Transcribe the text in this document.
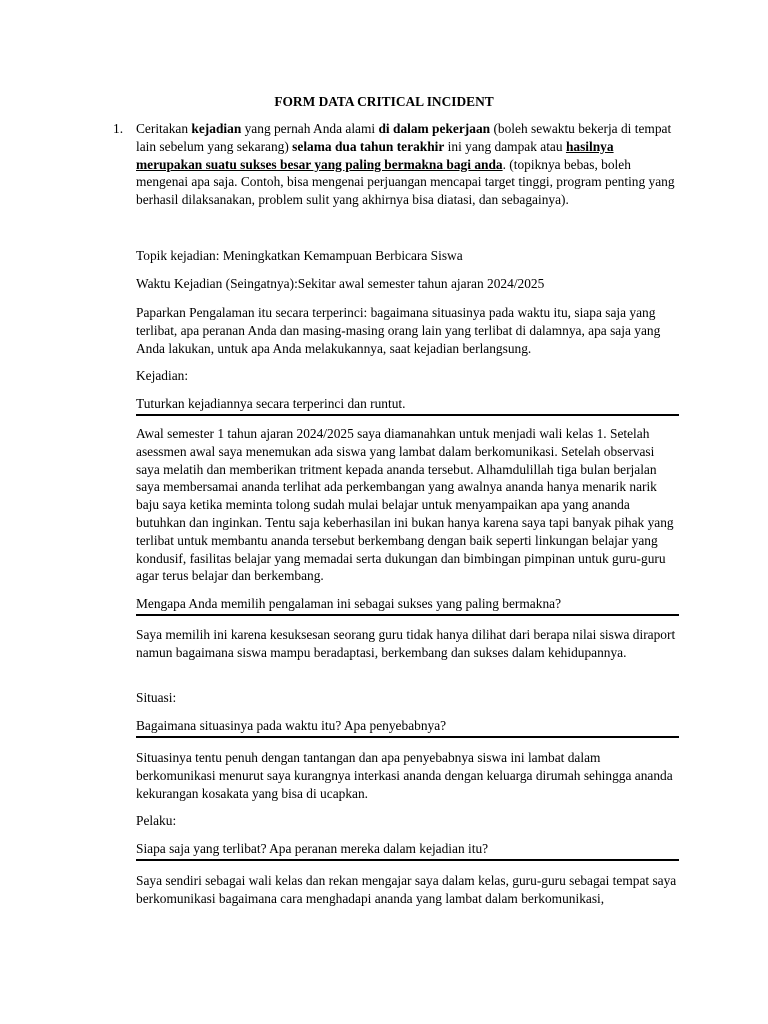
FORM DATA CRITICAL INCIDENT
1. Ceritakan kejadian yang pernah Anda alami di dalam pekerjaan (boleh sewaktu bekerja di tempat lain sebelum yang sekarang) selama dua tahun terakhir ini yang dampak atau hasilnya merupakan suatu sukses besar yang paling bermakna bagi anda. (topiknya bebas, boleh mengenai apa saja. Contoh, bisa mengenai perjuangan mencapai target tinggi, program penting yang berhasil dilaksanakan, problem sulit yang akhirnya bisa diatasi, dan sebagainya).
Topik kejadian: Meningkatkan Kemampuan Berbicara Siswa
Waktu Kejadian (Seingatnya):Sekitar awal semester tahun ajaran 2024/2025
Paparkan Pengalaman itu secara terperinci: bagaimana situasinya pada waktu itu, siapa saja yang terlibat, apa peranan Anda dan masing-masing orang lain yang terlibat di dalamnya, apa saja yang Anda lakukan, untuk apa Anda melakukannya, saat kejadian berlangsung.
Kejadian:
Tuturkan kejadiannya secara terperinci dan runtut.
Awal semester 1 tahun ajaran 2024/2025 saya diamanahkan untuk menjadi wali kelas 1. Setelah asessmen awal saya menemukan ada siswa yang lambat dalam berkomunikasi. Setelah observasi saya melatih dan memberikan tritment kepada ananda tersebut. Alhamdulillah tiga bulan berjalan saya membersamai ananda terlihat ada perkembangan yang awalnya ananda hanya menarik narik baju saya ketika meminta tolong sudah mulai belajar untuk menyampaikan apa yang ananda butuhkan dan inginkan. Tentu saja keberhasilan ini bukan hanya karena saya tapi banyak pihak yang terlibat untuk membantu ananda tersebut berkembang dengan baik seperti linkungan belajar yang kondusif, fasilitas belajar yang memadai serta dukungan dan bimbingan pimpinan untuk guru-guru agar terus belajar dan berkembang.
Mengapa Anda memilih pengalaman ini sebagai sukses yang paling bermakna?
Saya memilih ini karena kesuksesan seorang guru tidak hanya dilihat dari berapa nilai siswa diraport namun bagaimana siswa mampu beradaptasi, berkembang dan sukses dalam kehidupannya.
Situasi:
Bagaimana situasinya pada waktu itu? Apa penyebabnya?
Situasinya tentu penuh dengan tantangan dan apa penyebabnya siswa ini lambat dalam berkomunikasi menurut saya kurangnya interkasi ananda dengan keluarga dirumah sehingga ananda kekurangan kosakata yang bisa di ucapkan.
Pelaku:
Siapa saja yang terlibat? Apa peranan mereka dalam kejadian itu?
Saya sendiri sebagai wali kelas dan rekan mengajar saya dalam kelas, guru-guru sebagai tempat saya berkomunikasi bagaimana cara menghadapi ananda yang lambat dalam berkomunikasi,
